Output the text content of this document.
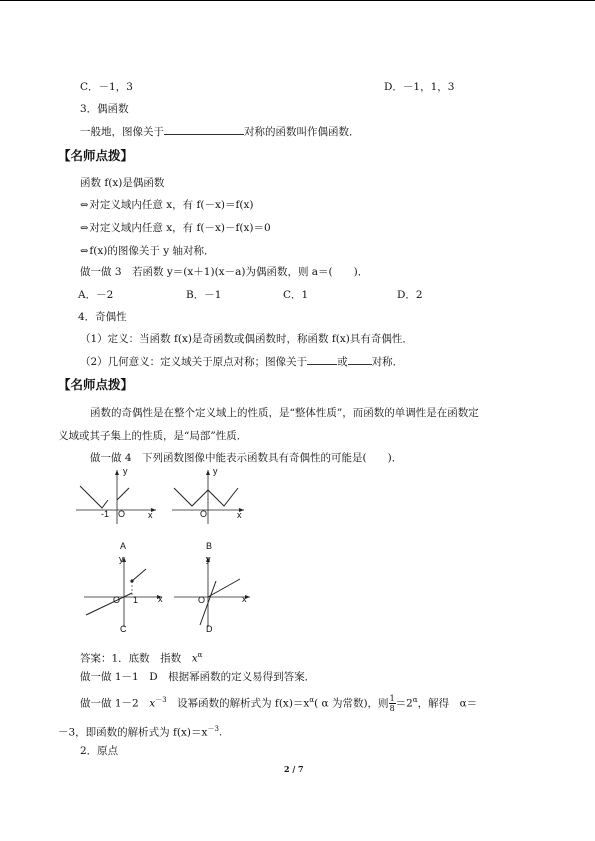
C．－1，3	D．－1，1，3
3．偶函数
一般地，图像关于	对称的函数叫作偶函数．
【名师点拨】
函数 f(x)是偶函数
⇔对定义域内任意 x，有 f(－x)＝f(x)
⇔对定义域内任意 x，有 f(－x)－f(x)＝0
⇔f(x)的图像关于 y 轴对称．
做一做 3　若函数 y＝(x＋1)(x－a)为偶函数，则 a＝(　　)．
A．－2	B．－1	C．1	D．2
4．奇偶性
（1）定义：当函数 f(x)是奇函数或偶函数时，称函数 f(x)具有奇偶性．
（2）几何意义：定义域关于原点对称；图像关于	或 对称．
【名师点拨】
函数的奇偶性是在整个定义域上的性质，是“整体性质”，而函数的单调性是在函数定
义域或其子集上的性质，是“局部”性质．
做一做 4　下列函数图像中能表示函数具有奇偶性的可能是(　　)．
y
x
-1 O
A
y
x
O
B
y
x
O 1
C
y
x
O
D
答案：1．底数　指数　$x^\alpha$
做一做 1－1　D　根据幂函数的定义易得到答案．
做一做 1－2　$x^{-3}$　设幂函数的解析式为 $f(x)=x^\alpha$( α 为常数)，则 $\frac{1}{8} =2^\alpha$，解得　α＝
－3，即函数的解析式为 $f(x)=x^{-3}$.
2．原点
2 / 7
